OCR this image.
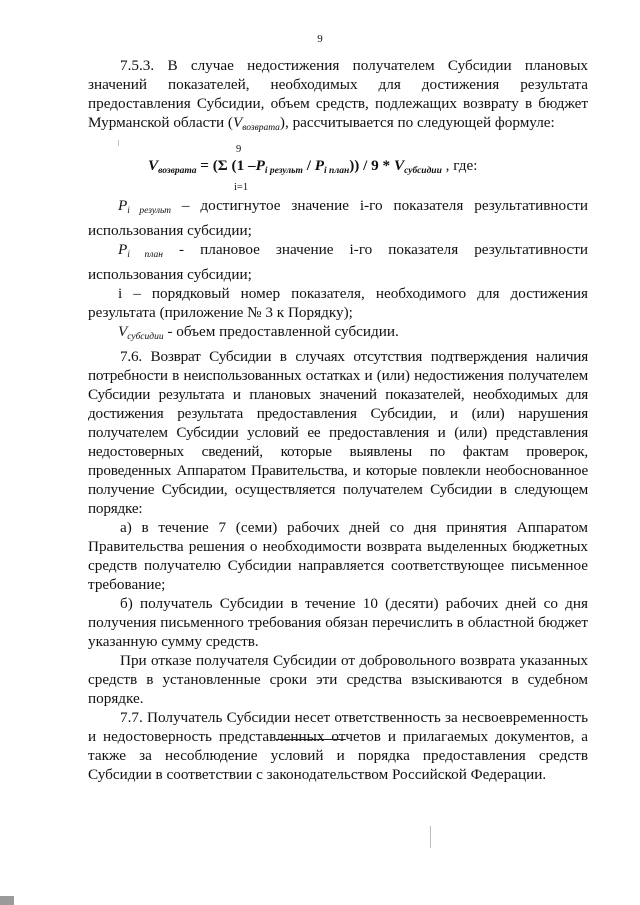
9

7.5.3. В случае недостижения получателем Субсидии плановых значений показателей, необходимых для достижения результата предоставления Субсидии, объем средств, подлежащих возврату в бюджет Мурманской области $(V_{возврата})$, рассчитывается по следующей формуле:

9
$V_{возврата} = (\Sigma$ (1 $-P_{i результ} / P_{i план})) / 9 * V_{субсидии}$ , где:
i=1

$P_{i результ}$ – достигнутое значение i-го показателя результативности использования субсидии;

$P_{i план}$ - плановое значение i-го показателя результативности использования субсидии;

i – порядковый номер показателя, необходимого для достижения результата (приложение № 3 к Порядку);

$V_{субсидии}$ - объем предоставленной субсидии.

7.6. Возврат Субсидии в случаях отсутствия подтверждения наличия потребности в неиспользованных остатках и (или) недостижения получателем Субсидии результата и плановых значений показателей, необходимых для достижения результата предоставления Субсидии, и (или) нарушения получателем Субсидии условий ее предоставления и (или) представления недостоверных сведений, которые выявлены по фактам проверок, проведенных Аппаратом Правительства, и которые повлекли необоснованное получение Субсидии, осуществляется получателем Субсидии в следующем порядке:

а) в течение 7 (семи) рабочих дней со дня принятия Аппаратом Правительства решения о необходимости возврата выделенных бюджетных средств получателю Субсидии направляется соответствующее письменное требование;

б) получатель Субсидии в течение 10 (десяти) рабочих дней со дня получения письменного требования обязан перечислить в областной бюджет указанную сумму средств.

При отказе получателя Субсидии от добровольного возврата указанных средств в установленные сроки эти средства взыскиваются в судебном порядке.

7.7. Получатель Субсидии несет ответственность за несвоевременность и недостоверность представленных отчетов и прилагаемых документов, а также за несоблюдение условий и порядка предоставления средств Субсидии в соответствии с законодательством Российской Федерации.
